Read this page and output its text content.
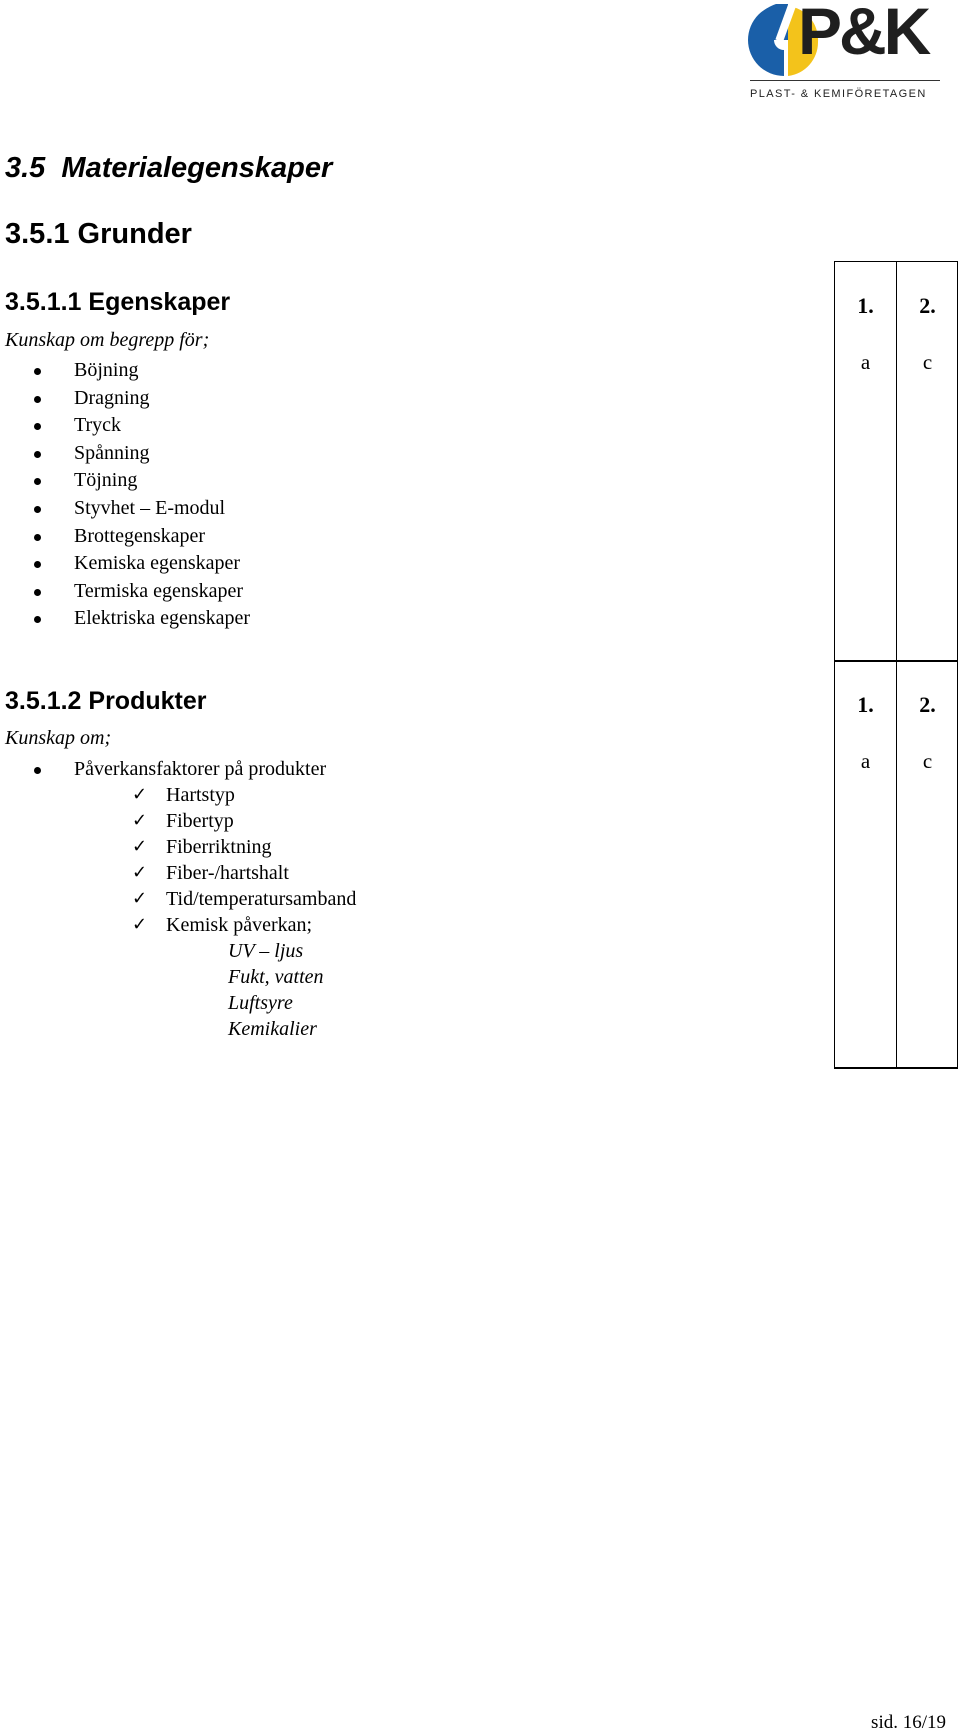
P&K
PLAST- & KEMIFÖRETAGEN
3.5  Materialegenskaper
3.5.1 Grunder
3.5.1.1 Egenskaper
Kunskap om begrepp för;
Böjning
Dragning
Tryck
Spånning
Töjning
Styvhet – E-modul
Brottegenskaper
Kemiska egenskaper
Termiska egenskaper
Elektriska egenskaper
1.
a
2.
c
3.5.1.2 Produkter
Kunskap om;
Påverkansfaktorer på produkter
✓ Hartstyp
✓ Fibertyp
✓ Fiberriktning
✓ Fiber-/hartshalt
✓ Tid/temperatursamband
✓ Kemisk påverkan;
UV – ljus
Fukt, vatten
Luftsyre
Kemikalier
1.
a
2.
c
sid. 16/19
